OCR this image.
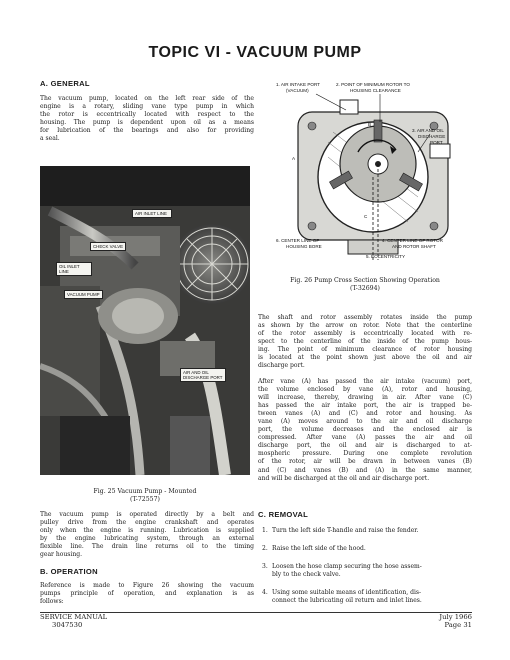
TOPIC VI - VACUUM PUMP
A. GENERAL
The vacuum pump, located on the left rear side of the
engine is a rotary, sliding vane type pump in which
the rotor is eccentrically located with respect to the
housing. The pump is dependent upon oil as a means
for lubrication of the bearings and also for providing
a seal.
AIR INLET LINE
CHECK VALVE
OIL INLET LINE
VACUUM PUMP
AIR AND OIL DISCHARGE PORT
Fig. 25 Vacuum Pump - Mounted
(T-72557)
A
B
C
1. AIR INTAKE PORT
(VACUUM)
2. POINT OF MINIMUM ROTOR TO
HOUSING CLEARANCE
3. AIR AND OIL
DISCHARGE
PORT
6. CENTER LINE OF
HOUSING BORE
4. CENTER LINE OF ROTOR
AND ROTOR SHAFT
5. ECCENTRICITY
Fig. 26 Pump Cross Section Showing Operation
(T-32694)
The shaft and rotor assembly rotates inside the pump
as shown by the arrow on rotor. Note that the centerline
of the rotor assembly is eccentrically located with re-
spect to the centerline of the inside of the pump hous-
ing. The point of minimum clearance of rotor housing
is located at the point shown just above the oil and air
discharge port.
After vane (A) has passed the air intake (vacuum) port,
the volume enclosed by vane (A), rotor and housing,
will increase, thereby, drawing in air. After vane (C)
has passed the air intake port, the air is trapped be-
tween vanes (A) and (C) and rotor and housing. As
vane (A) moves around to the air and oil discharge
port, the volume decreases and the enclosed air is
compressed. After vane (A) passes the air and oil
discharge port, the oil and air is discharged to at-
mospheric pressure. During one complete revolution
of the rotor, air will be drawn in between vanes (B)
and (C) and vanes (B) and (A) in the same manner,
and will be discharged at the oil and air discharge port.
The vacuum pump is operated directly by a belt and
pulley drive from the engine crankshaft and operates
only when the engine is running. Lubrication is supplied
by the engine lubricating system, through an external
flexible line. The drain line returns oil to the timing
gear housing.
B. OPERATION
Reference is made to Figure 26 showing the vacuum
pumps principle of operation, and explanation is as
follows:
C. REMOVAL
1. Turn the left side T-handle and raise the fender.
2. Raise the left side of the hood.
3. Loosen the hose clamp securing the hose assem-
bly to the check valve.
4. Using some suitable means of identification, dis-
connect the lubricating oil return and inlet lines.
SERVICE MANUAL
3047530
July 1966
Page 31
